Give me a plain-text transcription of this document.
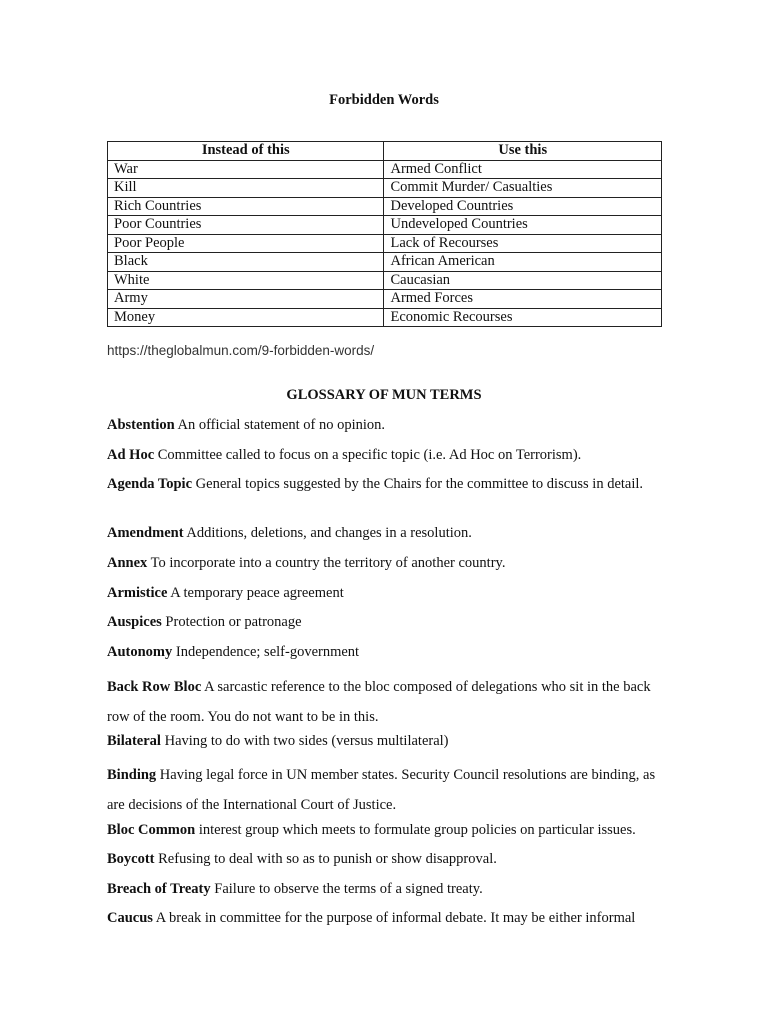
Forbidden Words
Instead of this	Use this
War	Armed Conflict
Kill	Commit Murder/ Casualties
Rich Countries	Developed Countries
Poor Countries	Undeveloped Countries
Poor People	Lack of Recourses
Black	African American
White	Caucasian
Army	Armed Forces
Money	Economic Recourses
https://theglobalmun.com/9-forbidden-words/
GLOSSARY OF MUN TERMS
Abstention An official statement of no opinion.
Ad Hoc Committee called to focus on a specific topic (i.e. Ad Hoc on Terrorism).
Agenda Topic General topics suggested by the Chairs for the committee to discuss in detail.
Amendment Additions, deletions, and changes in a resolution.
Annex To incorporate into a country the territory of another country.
Armistice A temporary peace agreement
Auspices Protection or patronage
Autonomy Independence; self-government
Back Row Bloc A sarcastic reference to the bloc composed of delegations who sit in the back row of the room. You do not want to be in this.
Bilateral Having to do with two sides (versus multilateral)
Binding Having legal force in UN member states. Security Council resolutions are binding, as are decisions of the International Court of Justice.
Bloc Common interest group which meets to formulate group policies on particular issues.
Boycott Refusing to deal with so as to punish or show disapproval.
Breach of Treaty Failure to observe the terms of a signed treaty.
Caucus A break in committee for the purpose of informal debate. It may be either informal
